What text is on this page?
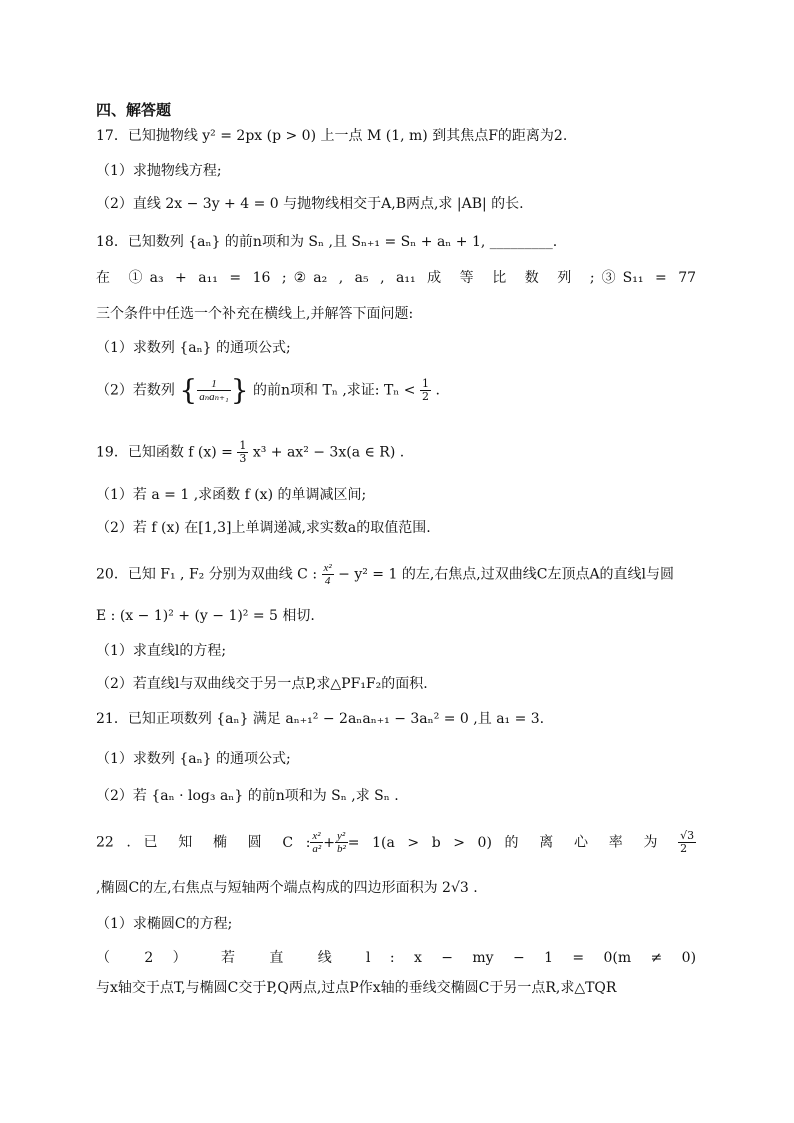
四、解答题
17．已知抛物线 y² = 2px (p > 0) 上一点 M (1, m) 到其焦点F的距离为2.
（1）求抛物线方程;
（2）直线 2x − 3y + 4 = 0 与抛物线相交于A,B两点,求 |AB| 的长.
18．已知数列 {aₙ} 的前n项和为 Sₙ ,且 Sₙ₊₁ = Sₙ + aₙ + 1, _________.
在 ①a₃ + a₁₁ = 16 ;②a₂ , a₅ , a₁₁ 成 等 比 数 列 ;③S₁₁ = 77
三个条件中任选一个补充在横线上,并解答下面问题:
（1）求数列 {aₙ} 的通项公式;
（2）若数列 { $\frac{1}{\text{aₙaₙ₊₁}}$ } 的前n项和 Tₙ ,求证: $T_n < \frac{1}{2}$ .
19．已知函数 f $(x) = \frac{1}{3} x^3 + ax^2 - 3x(a$ ∈ R) .
（1）若 a = 1 ,求函数 f (x) 的单调减区间;
（2）若 f (x) 在[1,3]上单调递减,求实数a的取值范围.
20．已知 F₁ , F₂ 分别为双曲线 C : $\frac{\text{x²}}{4} - y^2 = 1$ 的左,右焦点,过双曲线C左顶点A的直线l与圆
E : (x − 1)² + (y − 1)² = 5 相切.
（1）求直线l的方程;
（2）若直线l与双曲线交于另一点P,求△PF₁F₂的面积.
21．已知正项数列 {aₙ} 满足 aₙ₊₁² − 2aₙaₙ₊₁ − 3aₙ² = 0 ,且 a₁ = 3.
（1）求数列 {aₙ} 的通项公式;
（2）若 {aₙ · log₃ aₙ} 的前n项和为 Sₙ ,求 Sₙ .
22 . 已 知 椭 圆 C : $\frac{\text{x²}}{\text{a²}} + \frac{\text{y²}}{\text{b²}} = 1(a > b > 0)$ 的 离 心 率 为 $\frac{√3}{2}$
,椭圆C的左,右焦点与短轴两个端点构成的四边形面积为 2√3 .
（1）求椭圆C的方程;
（ 2 ） 若 直 线 l : x − my − 1 = 0(m ≠ 0)
与x轴交于点T,与椭圆C交于P,Q两点,过点P作x轴的垂线交椭圆C于另一点R,求△TQR
